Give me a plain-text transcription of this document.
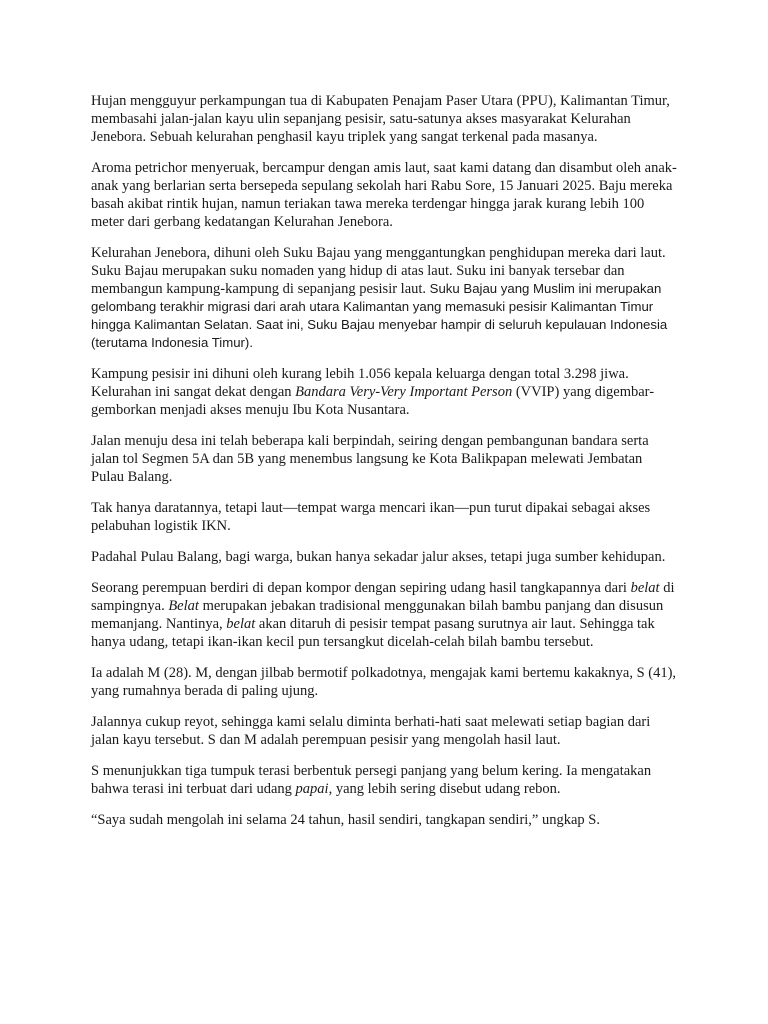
Hujan mengguyur perkampungan tua di Kabupaten Penajam Paser Utara (PPU), Kalimantan Timur, membasahi jalan-jalan kayu ulin sepanjang pesisir, satu-satunya akses masyarakat Kelurahan Jenebora. Sebuah kelurahan penghasil kayu triplek yang sangat terkenal pada masanya.

Aroma petrichor menyeruak, bercampur dengan amis laut, saat kami datang dan disambut oleh anak-anak yang berlarian serta bersepeda sepulang sekolah hari Rabu Sore, 15 Januari 2025. Baju mereka basah akibat rintik hujan, namun teriakan tawa mereka terdengar hingga jarak kurang lebih 100 meter dari gerbang kedatangan Kelurahan Jenebora.

Kelurahan Jenebora, dihuni oleh Suku Bajau yang menggantungkan penghidupan mereka dari laut. Suku Bajau merupakan suku nomaden yang hidup di atas laut. Suku ini banyak tersebar dan membangun kampung-kampung di sepanjang pesisir laut. Suku Bajau yang Muslim ini merupakan gelombang terakhir migrasi dari arah utara Kalimantan yang memasuki pesisir Kalimantan Timur hingga Kalimantan Selatan. Saat ini, Suku Bajau menyebar hampir di seluruh kepulauan Indonesia (terutama Indonesia Timur).

Kampung pesisir ini dihuni oleh kurang lebih 1.056 kepala keluarga dengan total 3.298 jiwa. Kelurahan ini sangat dekat dengan Bandara Very-Very Important Person (VVIP) yang digembar-gemborkan menjadi akses menuju Ibu Kota Nusantara.

Jalan menuju desa ini telah beberapa kali berpindah, seiring dengan pembangunan bandara serta jalan tol Segmen 5A dan 5B yang menembus langsung ke Kota Balikpapan melewati Jembatan Pulau Balang.

Tak hanya daratannya, tetapi laut—tempat warga mencari ikan—pun turut dipakai sebagai akses pelabuhan logistik IKN.

Padahal Pulau Balang, bagi warga, bukan hanya sekadar jalur akses, tetapi juga sumber kehidupan.

Seorang perempuan berdiri di depan kompor dengan sepiring udang hasil tangkapannya dari belat di sampingnya. Belat merupakan jebakan tradisional menggunakan bilah bambu panjang dan disusun memanjang. Nantinya, belat akan ditaruh di pesisir tempat pasang surutnya air laut. Sehingga tak hanya udang, tetapi ikan-ikan kecil pun tersangkut dicelah-celah bilah bambu tersebut.

Ia adalah M (28). M, dengan jilbab bermotif polkadotnya, mengajak kami bertemu kakaknya, S (41), yang rumahnya berada di paling ujung.

Jalannya cukup reyot, sehingga kami selalu diminta berhati-hati saat melewati setiap bagian dari jalan kayu tersebut. S dan M adalah perempuan pesisir yang mengolah hasil laut.

S menunjukkan tiga tumpuk terasi berbentuk persegi panjang yang belum kering. Ia mengatakan bahwa terasi ini terbuat dari udang papai, yang lebih sering disebut udang rebon.

“Saya sudah mengolah ini selama 24 tahun, hasil sendiri, tangkapan sendiri,” ungkap S.
